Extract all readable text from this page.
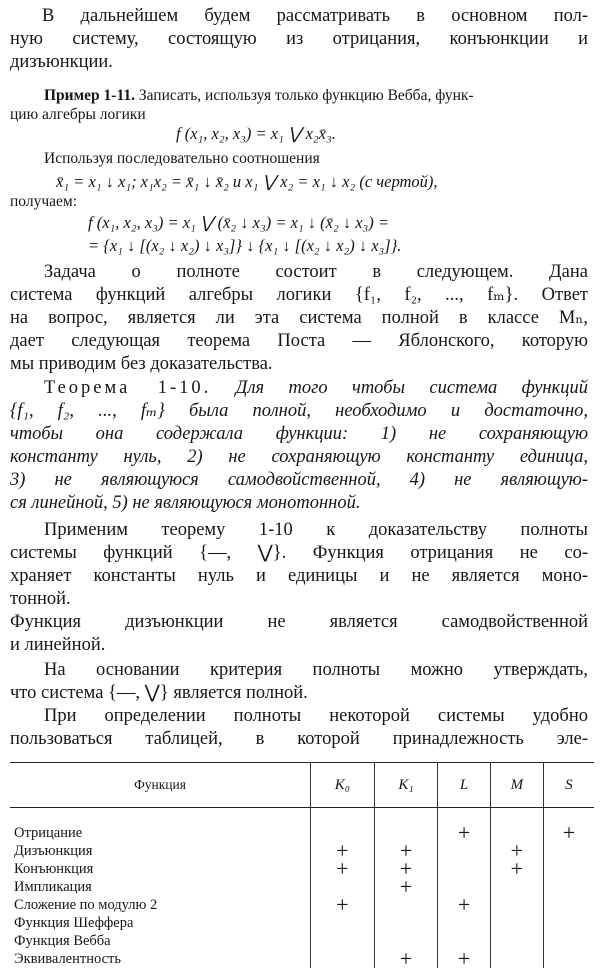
В дальнейшем будем рассматривать в основном пол-
ную систему, состоящую из отрицания, конъюнкции и
дизъюнкции.
Пример 1-11. Записать, используя только функцию Вебба, функ-
цию алгебры логики
f (x₁, x₂, x₃) = x₁ ⋁ x₂x̄₃.
Используя последовательно соотношения
x̄₁ = x₁ ↓ x₁; x₁x₂ = x̄₁ ↓ x̄₂ и x₁ ⋁ x₂ = x₁ ↓ x₂ (с чертой),
получаем:
f (x₁, x₂, x₃) = x₁ ⋁ (x̄₂ ↓ x₃) = x₁ ↓ (x̄₂ ↓ x₃) =
= {x₁ ↓ [(x₂ ↓ x₂) ↓ x₃]} ↓ {x₁ ↓ [(x₂ ↓ x₂) ↓ x₃]}.
Задача о полноте состоит в следующем. Дана
система функций алгебры логики {f₁, f₂, ..., fₘ}. Ответ
на вопрос, является ли эта система полной в классе Mₙ,
дает следующая теорема Поста — Яблонского, которую
мы приводим без доказательства.
Теорема 1-10. Для того чтобы система функций
{f₁, f₂, ..., fₘ} была полной, необходимо и достаточно,
чтобы она содержала функции: 1) не сохраняющую
константу нуль, 2) не сохраняющую константу единица,
3) не являющуюся самодвойственной, 4) не являющую-
ся линейной, 5) не являющуюся монотонной.
Применим теорему 1-10 к доказательству полноты
системы функций {—, ⋁}. Функция отрицания не со-
храняет константы нуль и единицы и не является моно-
тонной.
Функция дизъюнкции не является самодвойственной
и линейной.
На основании критерия полноты можно утверждать,
что система {—, ⋁} является полной.
При определении полноты некоторой системы удобно
пользоваться таблицей, в которой принадлежность эле-
Функция	K₀	K₁	L	M	S

Отрицание			+		+
Дизъюнкция	+	+		+	
Конъюнкция	+	+		+	
Импликация		+			
Сложение по модулю 2	+		+		
Функция Шеффера					
Функция Вебба					
Эквивалентность		+	+		
